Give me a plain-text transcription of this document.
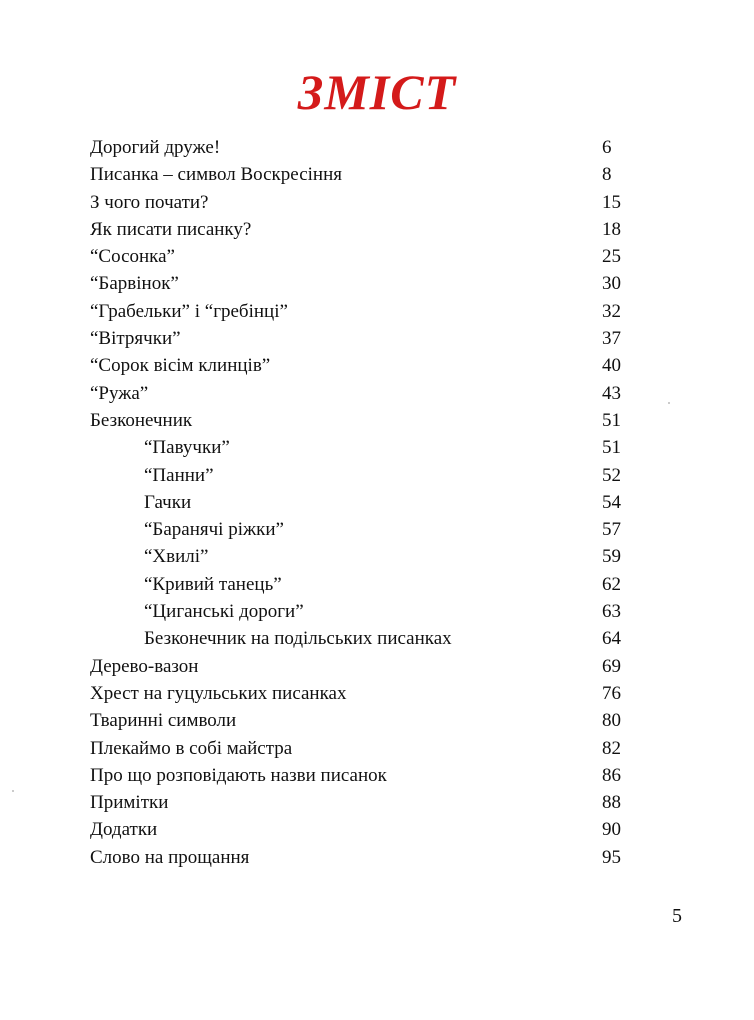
ЗМІСТ
Дорогий друже!	6
Писанка – символ Воскресіння	8
З чого почати?	15
Як писати писанку?	18
“Сосонка”	25
“Барвінок”	30
“Грабельки” і “гребінці”	32
“Вітрячки”	37
“Сорок вісім клинців”	40
“Ружа”	43
Безконечник	51
“Павучки”	51
“Панни”	52
Гачки	54
“Баранячі ріжки”	57
“Хвилі”	59
“Кривий танець”	62
“Циганські дороги”	63
Безконечник на подільських писанках	64
Дерево-вазон	69
Хрест на гуцульських писанках	76
Тваринні символи	80
Плекаймо в собі майстра	82
Про що розповідають назви писанок	86
Примітки	88
Додатки	90
Слово на прощання	95
5
